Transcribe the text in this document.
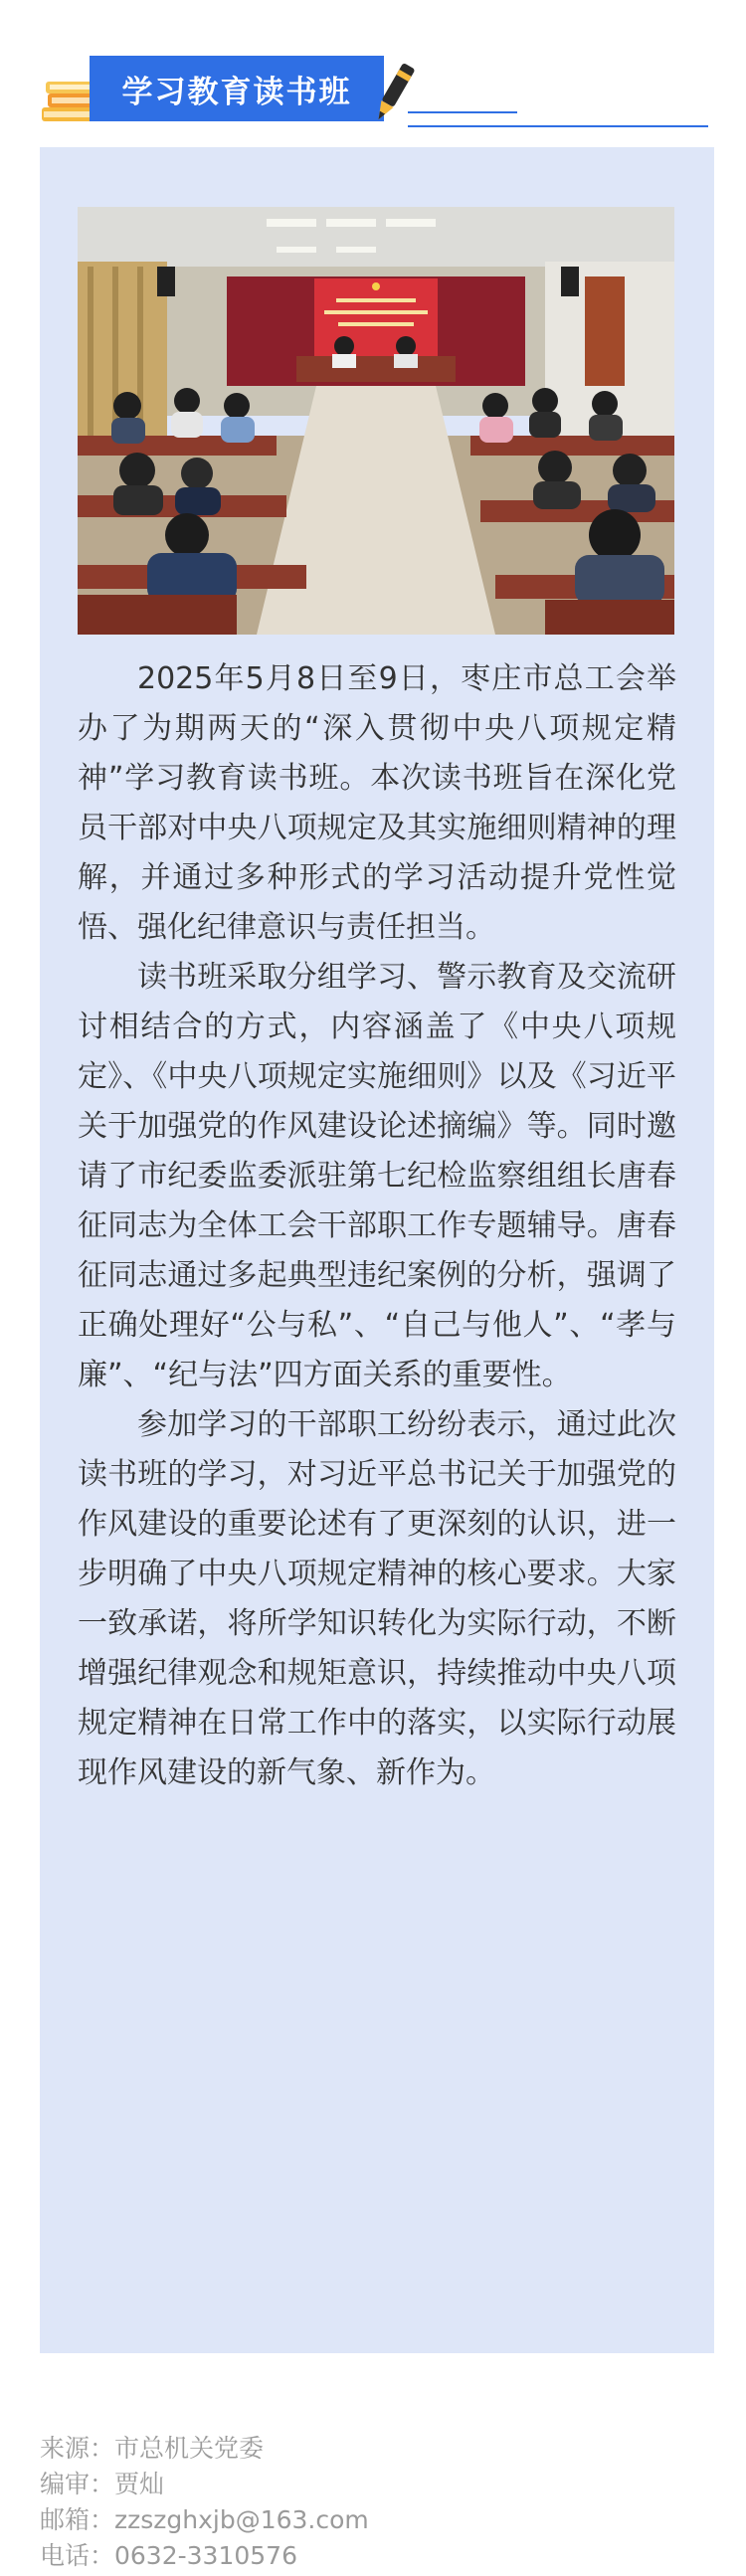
学习教育读书班

2025年5月8日至9日，枣庄市总工会举办了为期两天的“深入贯彻中央八项规定精神”学习教育读书班。本次读书班旨在深化党员干部对中央八项规定及其实施细则精神的理解，并通过多种形式的学习活动提升党性觉悟、强化纪律意识与责任担当。

读书班采取分组学习、警示教育及交流研讨相结合的方式，内容涵盖了《中央八项规定》、《中央八项规定实施细则》以及《习近平关于加强党的作风建设论述摘编》等。同时邀请了市纪委监委派驻第七纪检监察组组长唐春征同志为全体工会干部职工作专题辅导。唐春征同志通过多起典型违纪案例的分析，强调了正确处理好“公与私”、“自己与他人”、“孝与廉”、“纪与法”四方面关系的重要性。

参加学习的干部职工纷纷表示，通过此次读书班的学习，对习近平总书记关于加强党的作风建设的重要论述有了更深刻的认识，进一步明确了中央八项规定精神的核心要求。大家一致承诺，将所学知识转化为实际行动，不断增强纪律观念和规矩意识，持续推动中央八项规定精神在日常工作中的落实，以实际行动展现作风建设的新气象、新作为。

来源：市总机关党委
编审：贾灿
邮箱：zzszghxjb@163.com
电话：0632-3310576
